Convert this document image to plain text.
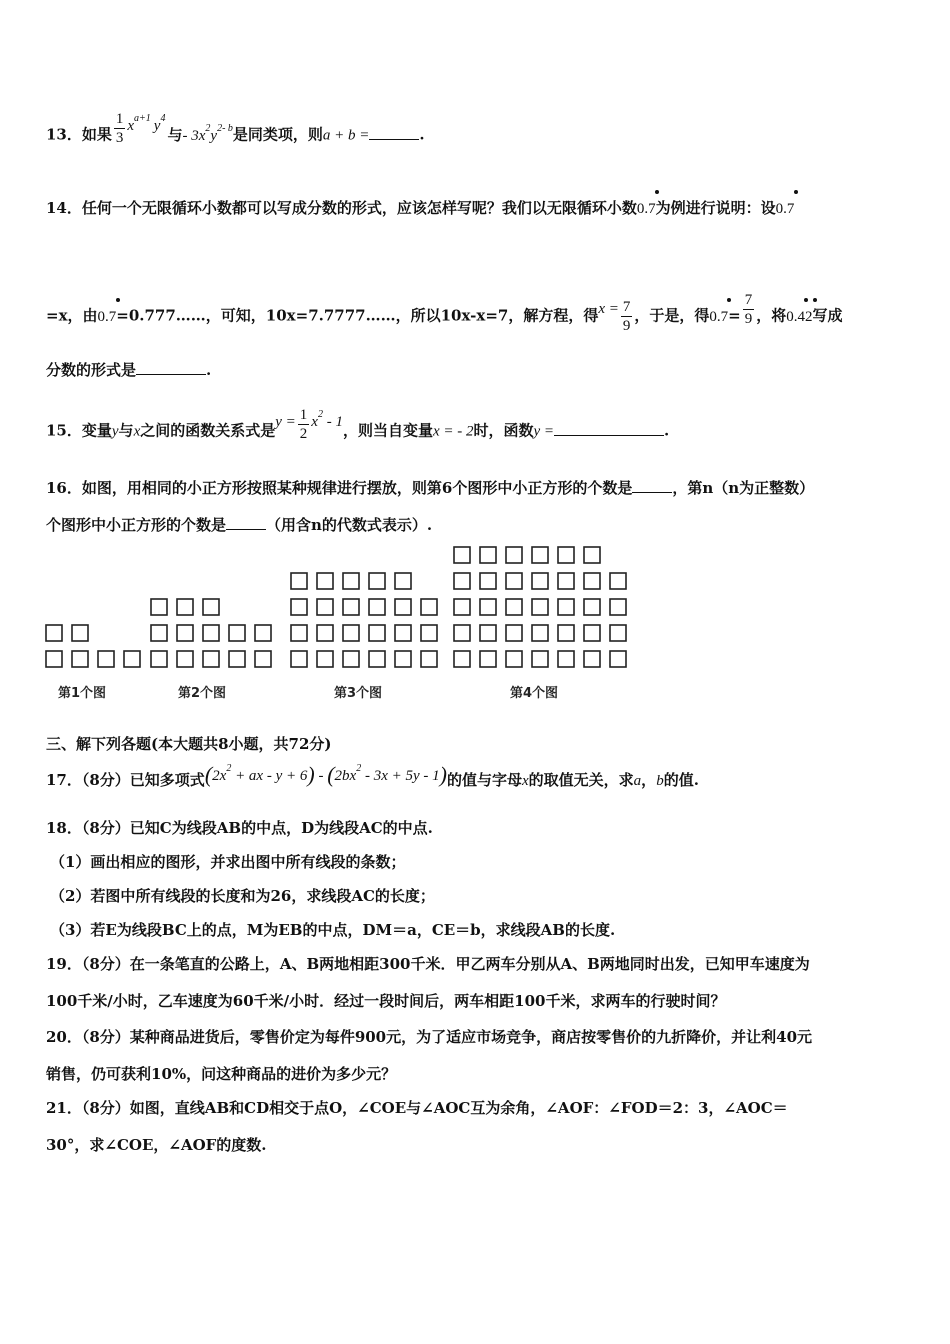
13．如果 $\frac{1}{3} x^{a+1}$ $y^4$与- $3x^2y^{2- b}$是同类项，则a + b =	.
14．任何一个无限循环小数都可以写成分数的形式，应该怎样写呢？我们以无限循环小数0.7
为例进行说明：设0.7
=x，由0.7
=0.777……，可知，10x=7.7777……，所以10x-x=7，解方程，得$x = \frac{7}{9}$ ，于是，得0.7
= $\frac{7}{9}$ ，将0.42
写成
分数的形式是	.
15．变量y与x之间的函数关系式是$y = \frac{1}{2} x^2 - 1$，则当自变量x = - 2时，函数y =	.
16．如图，用相同的小正方形按照某种规律进行摆放，则第6个图形中小正方形的个数是	，第n（n为正整数）
个图形中小正方形的个数是	（用含n的代数式表示）.
第1个图	第2个图	第3个图	第4个图
三、解下列各题(本大题共8小题，共72分)
17．（8分）已知多项式($2x^2$ + ax - $y + 6) - (2bx^2 - 3x + 5y - 1)$的值与字母x的取值无关，求a，b的值.
18．（8分）已知C为线段AB的中点，D为线段AC的中点.
（1）画出相应的图形，并求出图中所有线段的条数；
（2）若图中所有线段的长度和为26，求线段AC的长度；
（3）若E为线段BC上的点，M为EB的中点，DM＝a，CE＝b，求线段AB的长度.
19．（8分）在一条笔直的公路上，A、B两地相距300千米．甲乙两车分别从A、B两地同时出发，已知甲车速度为
100千米/小时，乙车速度为60千米/小时．经过一段时间后，两车相距100千米，求两车的行驶时间？
20．（8分）某种商品进货后，零售价定为每件900元，为了适应市场竞争，商店按零售价的九折降价，并让利40元
销售，仍可获利10%，问这种商品的进价为多少元？
21．（8分）如图，直线AB和CD相交于点O，∠COE与∠AOC互为余角，∠AOF：∠FOD＝2：3，∠AOC＝
30°，求∠COE，∠AOF的度数.
